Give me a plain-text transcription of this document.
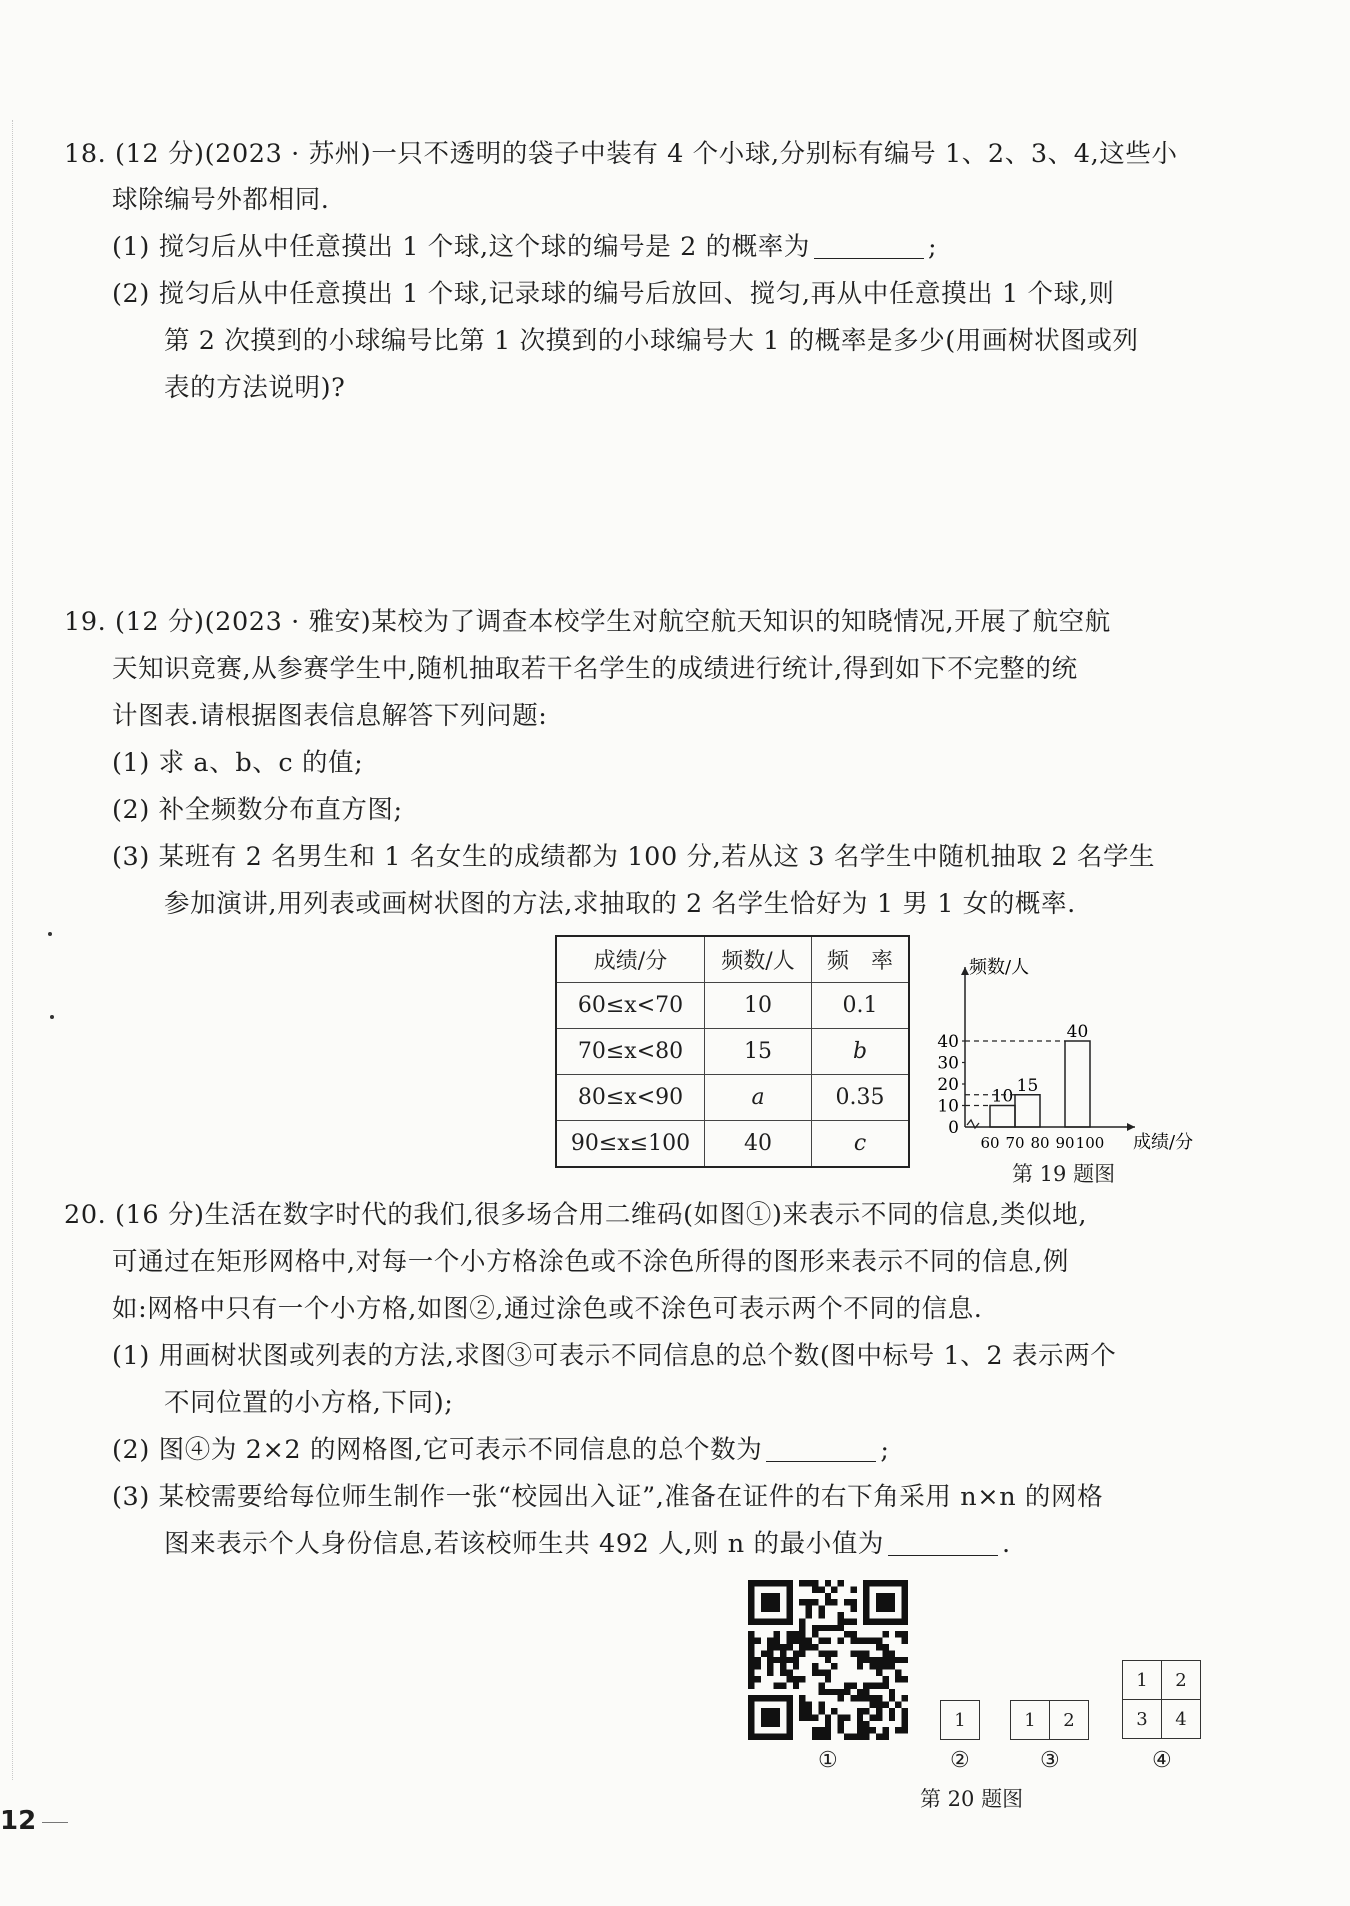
18. (12 分)(2023 · 苏州)一只不透明的袋子中装有 4 个小球,分别标有编号 1、2、3、4,这些小
球除编号外都相同.
(1) 搅匀后从中任意摸出 1 个球,这个球的编号是 2 的概率为	;
(2) 搅匀后从中任意摸出 1 个球,记录球的编号后放回、搅匀,再从中任意摸出 1 个球,则
第 2 次摸到的小球编号比第 1 次摸到的小球编号大 1 的概率是多少(用画树状图或列
表的方法说明)?
19. (12 分)(2023 · 雅安)某校为了调查本校学生对航空航天知识的知晓情况,开展了航空航
天知识竞赛,从参赛学生中,随机抽取若干名学生的成绩进行统计,得到如下不完整的统
计图表.请根据图表信息解答下列问题:
(1) 求 a、b、c 的值;
(2) 补全频数分布直方图;
(3) 某班有 2 名男生和 1 名女生的成绩都为 100 分,若从这 3 名学生中随机抽取 2 名学生
参加演讲,用列表或画树状图的方法,求抽取的 2 名学生恰好为 1 男 1 女的概率.
成绩/分	频数/人	频　率
60≤x<70	10	0.1
70≤x<80	15	b
80≤x<90	a	0.35
90≤x≤100	40	c
0
10
20
30
40
频数/人
60 70 80 90 100 成绩/分
10
15
40
第 19 题图
20. (16 分)生活在数字时代的我们,很多场合用二维码(如图①)来表示不同的信息,类似地,
可通过在矩形网格中,对每一个小方格涂色或不涂色所得的图形来表示不同的信息,例
如:网格中只有一个小方格,如图②,通过涂色或不涂色可表示两个不同的信息.
(1) 用画树状图或列表的方法,求图③可表示不同信息的总个数(图中标号 1、2 表示两个
不同位置的小方格,下同);
(2) 图④为 2×2 的网格图,它可表示不同信息的总个数为	;
(3) 某校需要给每位师生制作一张“校园出入证”,准备在证件的右下角采用 n×n 的网格
图来表示个人身份信息,若该校师生共 492 人,则 n 的最小值为	.
1	1	2
1	2
3	4
①	②	③	④
第 20 题图
12
